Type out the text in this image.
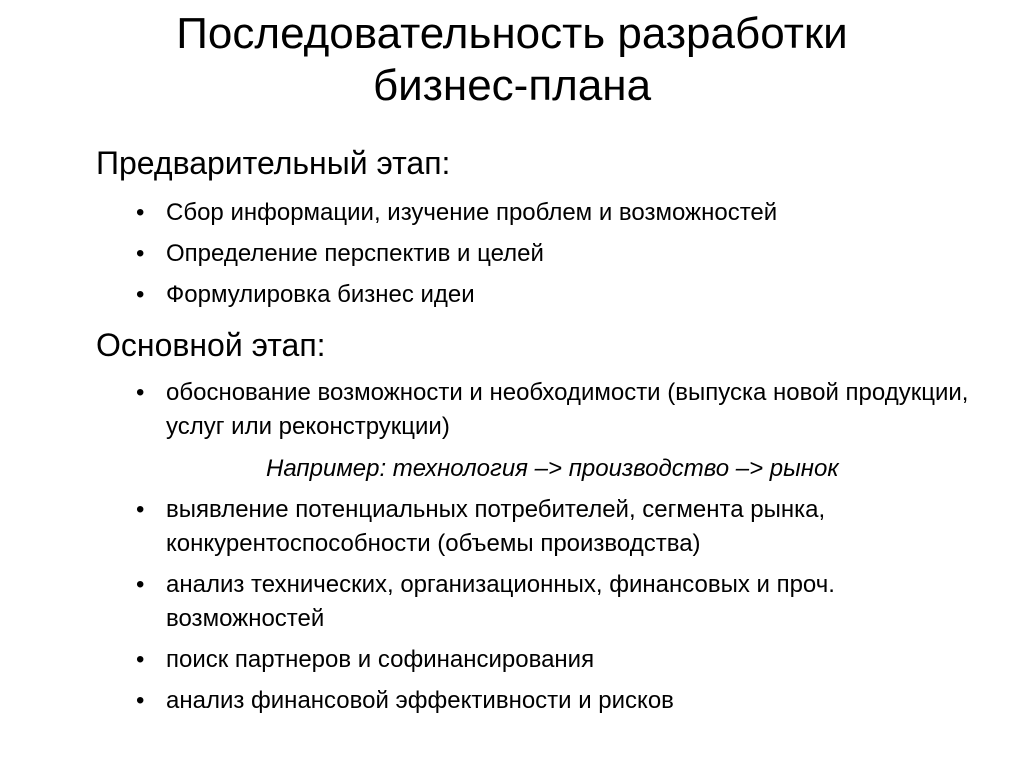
Последовательность разработки
бизнес-плана
Предварительный этап:
• Сбор информации, изучение проблем и возможностей
• Определение перспектив и целей
• Формулировка бизнес идеи
Основной этап:
• обоснование возможности и необходимости (выпуска новой продукции, услуг или реконструкции)
Например: технология –> производство –> рынок
• выявление потенциальных потребителей, сегмента рынка, конкурентоспособности (объемы производства)
• анализ технических, организационных, финансовых и проч. возможностей
• поиск партнеров и софинансирования
• анализ финансовой эффективности и рисков
